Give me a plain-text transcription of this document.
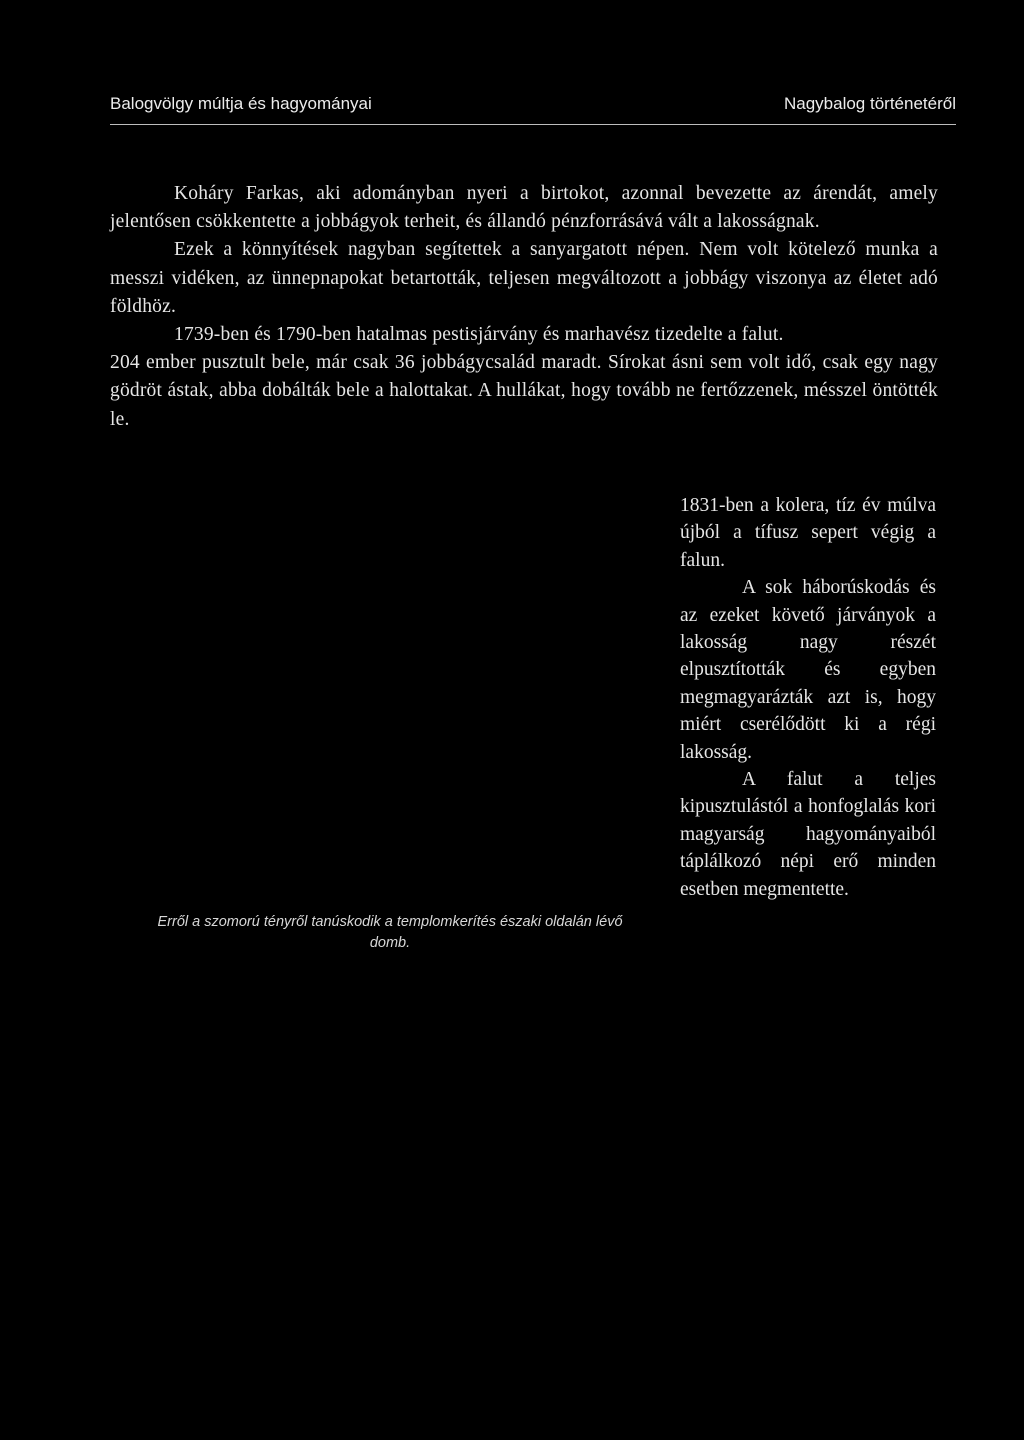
Balogvölgy múltja és hagyományai	Nagybalog történetéről

Koháry Farkas, aki adományban nyeri a birtokot, azonnal bevezette az árendát, amely jelentősen csökkentette a jobbágyok terheit, és állandó pénzforrásává vált a lakosságnak.

Ezek a könnyítések nagyban segítettek a sanyargatott népen. Nem volt kötelező munka a messzi vidéken, az ünnepnapokat betartották, teljesen megváltozott a jobbágy viszonya az életet adó földhöz.

1739-ben és 1790-ben hatalmas pestisjárvány és marhavész tizedelte a falut.

204 ember pusztult bele, már csak 36 jobbágycsalád maradt. Sírokat ásni sem volt idő, csak egy nagy gödröt ástak, abba dobálták bele a halottakat. A hullákat, hogy tovább ne fertőzzenek, mésszel öntötték le.

Erről a szomorú tényről tanúskodik a templomkerítés északi oldalán lévő domb.

1831-ben a kolera, tíz év múlva újból a tífusz sepert végig a falun.

A sok háborúskodás és az ezeket követő járványok a lakosság nagy részét elpusztították és egyben megmagyarázták azt is, hogy miért cserélődött ki a régi lakosság.

A falut a teljes kipusztulástól a honfoglalás kori magyarság hagyományaiból táplálkozó népi erő minden esetben megmentette.
